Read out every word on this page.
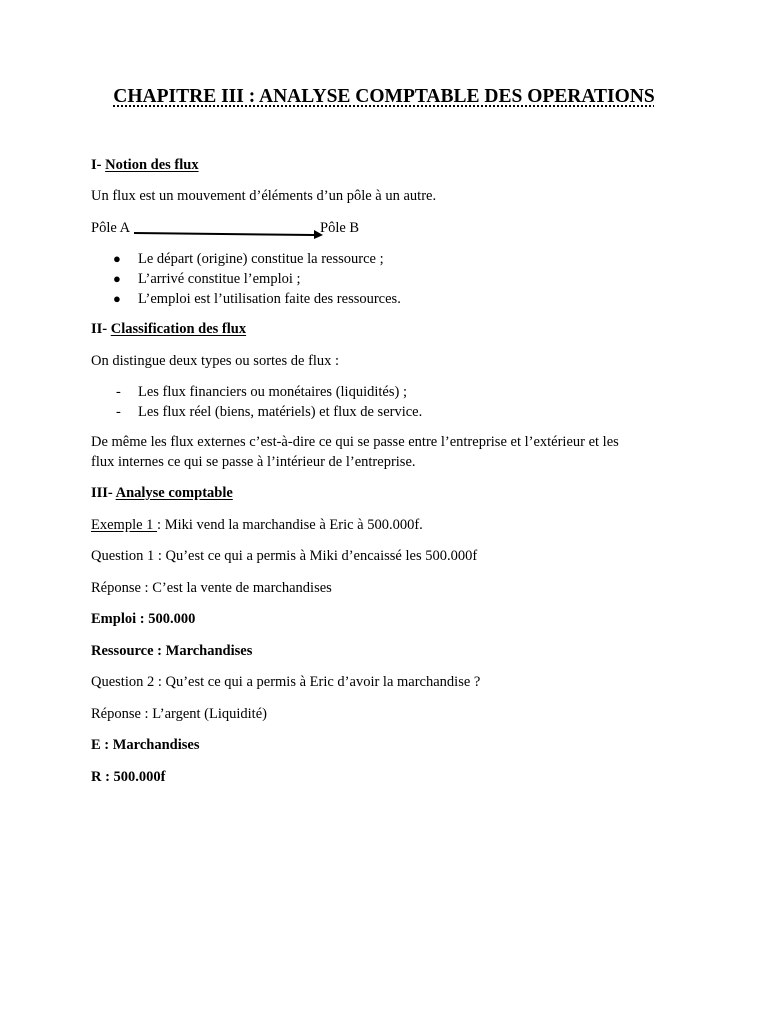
CHAPITRE III : ANALYSE COMPTABLE DES OPERATIONS
I- Notion des flux
Un flux est un mouvement d’éléments d’un pôle à un autre.
Pôle A	Pôle B
● Le départ (origine) constitue la ressource ;
● L’arrivé constitue l’emploi ;
● L’emploi est l’utilisation faite des ressources.
II- Classification des flux
On distingue deux types ou sortes de flux :
- Les flux financiers ou monétaires (liquidités) ;
- Les flux réel (biens, matériels) et flux de service.
De même les flux externes c’est-à-dire ce qui se passe entre l’entreprise et l’extérieur et les
flux internes ce qui se passe à l’intérieur de l’entreprise.
III- Analyse comptable
Exemple 1 : Miki vend la marchandise à Eric à 500.000f.
Question 1 : Qu’est ce qui a permis à Miki d’encaissé les 500.000f
Réponse : C’est la vente de marchandises
Emploi : 500.000
Ressource : Marchandises
Question 2 : Qu’est ce qui a permis à Eric d’avoir la marchandise ?
Réponse : L’argent (Liquidité)
E : Marchandises
R : 500.000f
